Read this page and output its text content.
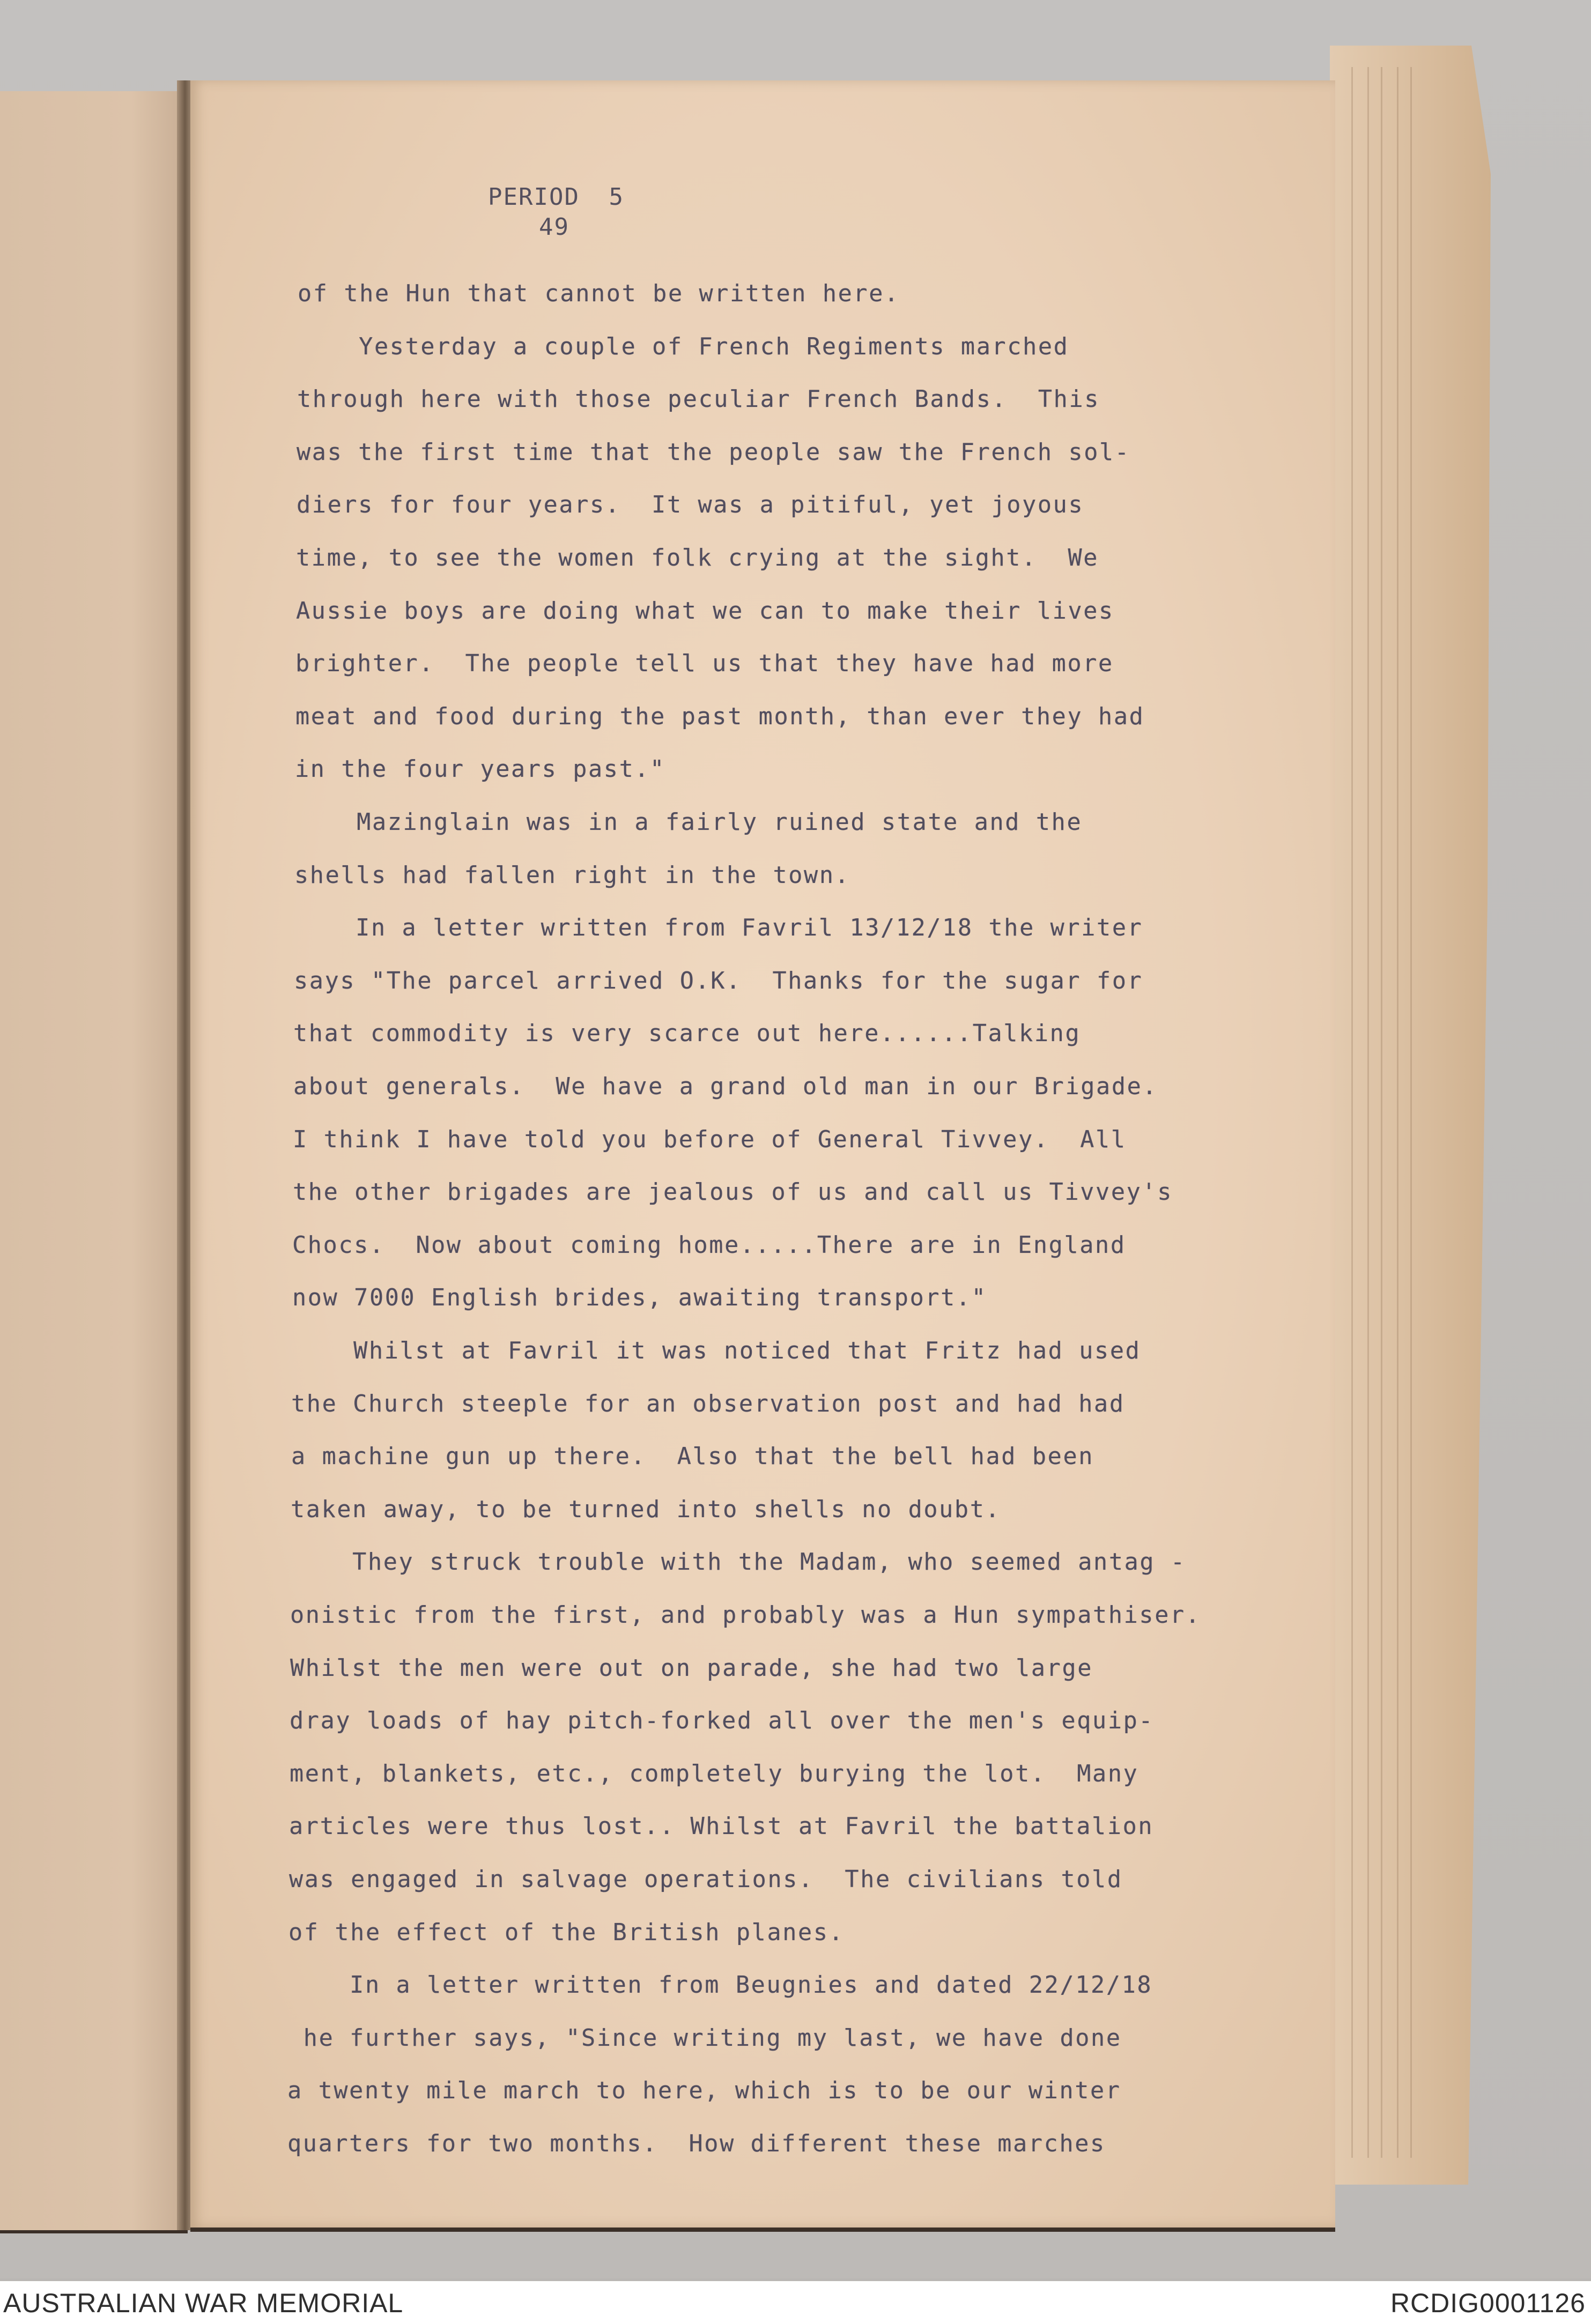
PERIOD 5
49
of the Hun that cannot be written here.
Yesterday a couple of French Regiments marched
through here with those peculiar French Bands.  This
was the first time that the people saw the French sol-
diers for four years.  It was a pitiful, yet joyous
time, to see the women folk crying at the sight.  We
Aussie boys are doing what we can to make their lives
brighter.  The people tell us that they have had more
meat and food during the past month, than ever they had
in the four years past."
Mazinglain was in a fairly ruined state and the
shells had fallen right in the town.
In a letter written from Favril 13/12/18 the writer
says "The parcel arrived O.K.  Thanks for the sugar for
that commodity is very scarce out here......Talking
about generals.  We have a grand old man in our Brigade.
I think I have told you before of General Tivvey.  All
the other brigades are jealous of us and call us Tivvey's
Chocs.  Now about coming home.....There are in England
now 7000 English brides, awaiting transport."
Whilst at Favril it was noticed that Fritz had used
the Church steeple for an observation post and had had
a machine gun up there.  Also that the bell had been
taken away, to be turned into shells no doubt.
They struck trouble with the Madam, who seemed antag -
onistic from the first, and probably was a Hun sympathiser.
Whilst the men were out on parade, she had two large
dray loads of hay pitch-forked all over the men's equip-
ment, blankets, etc., completely burying the lot.  Many
articles were thus lost.. Whilst at Favril the battalion
was engaged in salvage operations.  The civilians told
of the effect of the British planes.
In a letter written from Beugnies and dated 22/12/18
he further says, "Since writing my last, we have done
a twenty mile march to here, which is to be our winter
quarters for two months.  How different these marches
AUSTRALIAN WAR MEMORIAL	RCDIG0001126
